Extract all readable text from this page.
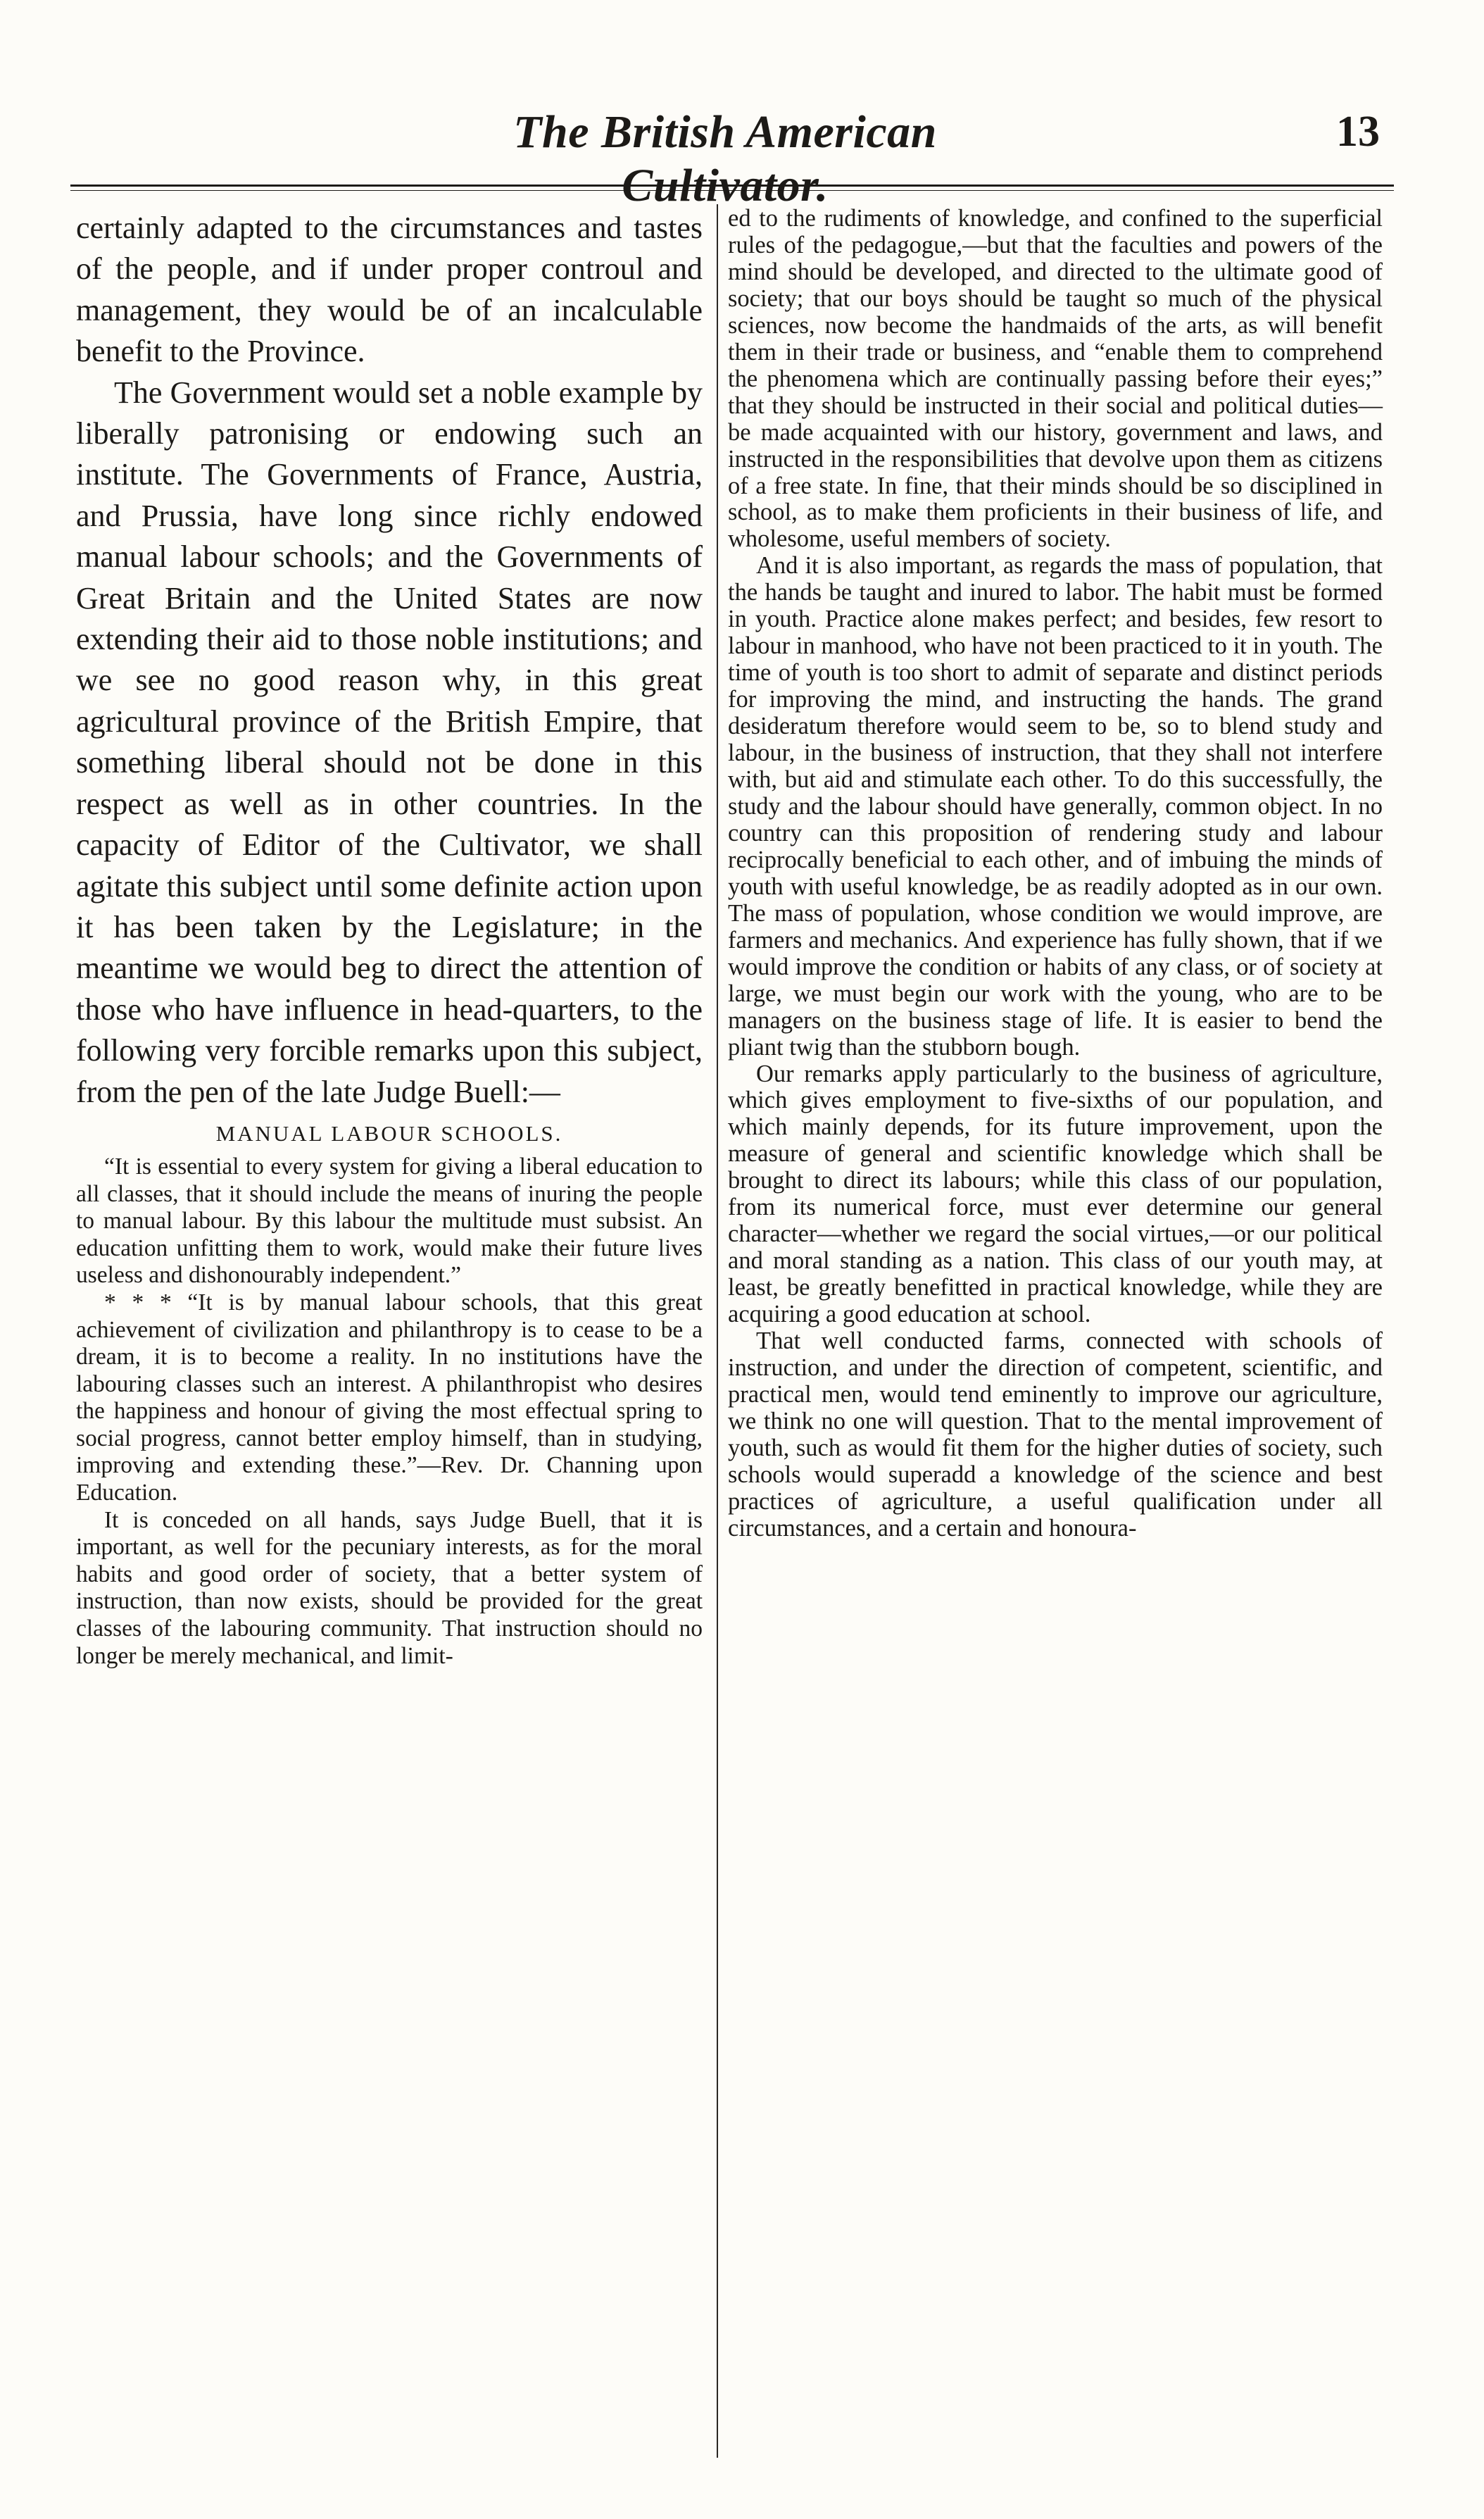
The British American Cultivator.
13

certainly adapted to the circumstances and tastes of the people, and if under proper controul and management, they would be of an incalculable benefit to the Province.

The Government would set a noble example by liberally patronising or endowing such an institute. The Governments of France, Austria, and Prussia, have long since richly endowed manual labour schools; and the Governments of Great Britain and the United States are now extending their aid to those noble institutions; and we see no good reason why, in this great agricultural province of the British Empire, that something liberal should not be done in this respect as well as in other countries. In the capacity of Editor of the Cultivator, we shall agitate this subject until some definite action upon it has been taken by the Legislature; in the meantime we would beg to direct the attention of those who have influence in head-quarters, to the following very forcible remarks upon this subject, from the pen of the late Judge Buell:—

MANUAL LABOUR SCHOOLS.

“It is essential to every system for giving a liberal education to all classes, that it should include the means of inuring the people to manual labour. By this labour the multitude must subsist. An education unfitting them to work, would make their future lives useless and dishonourably independent.”

* * * “It is by manual labour schools, that this great achievement of civilization and philanthropy is to cease to be a dream, it is to become a reality. In no institutions have the labouring classes such an interest. A philanthropist who desires the happiness and honour of giving the most effectual spring to social progress, cannot better employ himself, than in studying, improving and extending these.”—Rev. Dr. Channing upon Education.

It is conceded on all hands, says Judge Buell, that it is important, as well for the pecuniary interests, as for the moral habits and good order of society, that a better system of instruction, than now exists, should be provided for the great classes of the labouring community. That instruction should no longer be merely mechanical, and limit-

ed to the rudiments of knowledge, and confined to the superficial rules of the pedagogue,—but that the faculties and powers of the mind should be developed, and directed to the ultimate good of society; that our boys should be taught so much of the physical sciences, now become the handmaids of the arts, as will benefit them in their trade or business, and “enable them to comprehend the phenomena which are continually passing before their eyes;” that they should be instructed in their social and political duties—be made acquainted with our history, government and laws, and instructed in the responsibilities that devolve upon them as citizens of a free state. In fine, that their minds should be so disciplined in school, as to make them proficients in their business of life, and wholesome, useful members of society.

And it is also important, as regards the mass of population, that the hands be taught and inured to labor. The habit must be formed in youth. Practice alone makes perfect; and besides, few resort to labour in manhood, who have not been practiced to it in youth. The time of youth is too short to admit of separate and distinct periods for improving the mind, and instructing the hands. The grand desideratum therefore would seem to be, so to blend study and labour, in the business of instruction, that they shall not interfere with, but aid and stimulate each other. To do this successfully, the study and the labour should have generally, common object. In no country can this proposition of rendering study and labour reciprocally beneficial to each other, and of imbuing the minds of youth with useful knowledge, be as readily adopted as in our own. The mass of population, whose condition we would improve, are farmers and mechanics. And experience has fully shown, that if we would improve the condition or habits of any class, or of society at large, we must begin our work with the young, who are to be managers on the business stage of life. It is easier to bend the pliant twig than the stubborn bough.

Our remarks apply particularly to the business of agriculture, which gives employment to five-sixths of our population, and which mainly depends, for its future improvement, upon the measure of general and scientific knowledge which shall be brought to direct its labours; while this class of our population, from its numerical force, must ever determine our general character—whether we regard the social virtues,—or our political and moral standing as a nation. This class of our youth may, at least, be greatly benefitted in practical knowledge, while they are acquiring a good education at school.

That well conducted farms, connected with schools of instruction, and under the direction of competent, scientific, and practical men, would tend eminently to improve our agriculture, we think no one will question. That to the mental improvement of youth, such as would fit them for the higher duties of society, such schools would superadd a knowledge of the science and best practices of agriculture, a useful qualification under all circumstances, and a certain and honoura-
